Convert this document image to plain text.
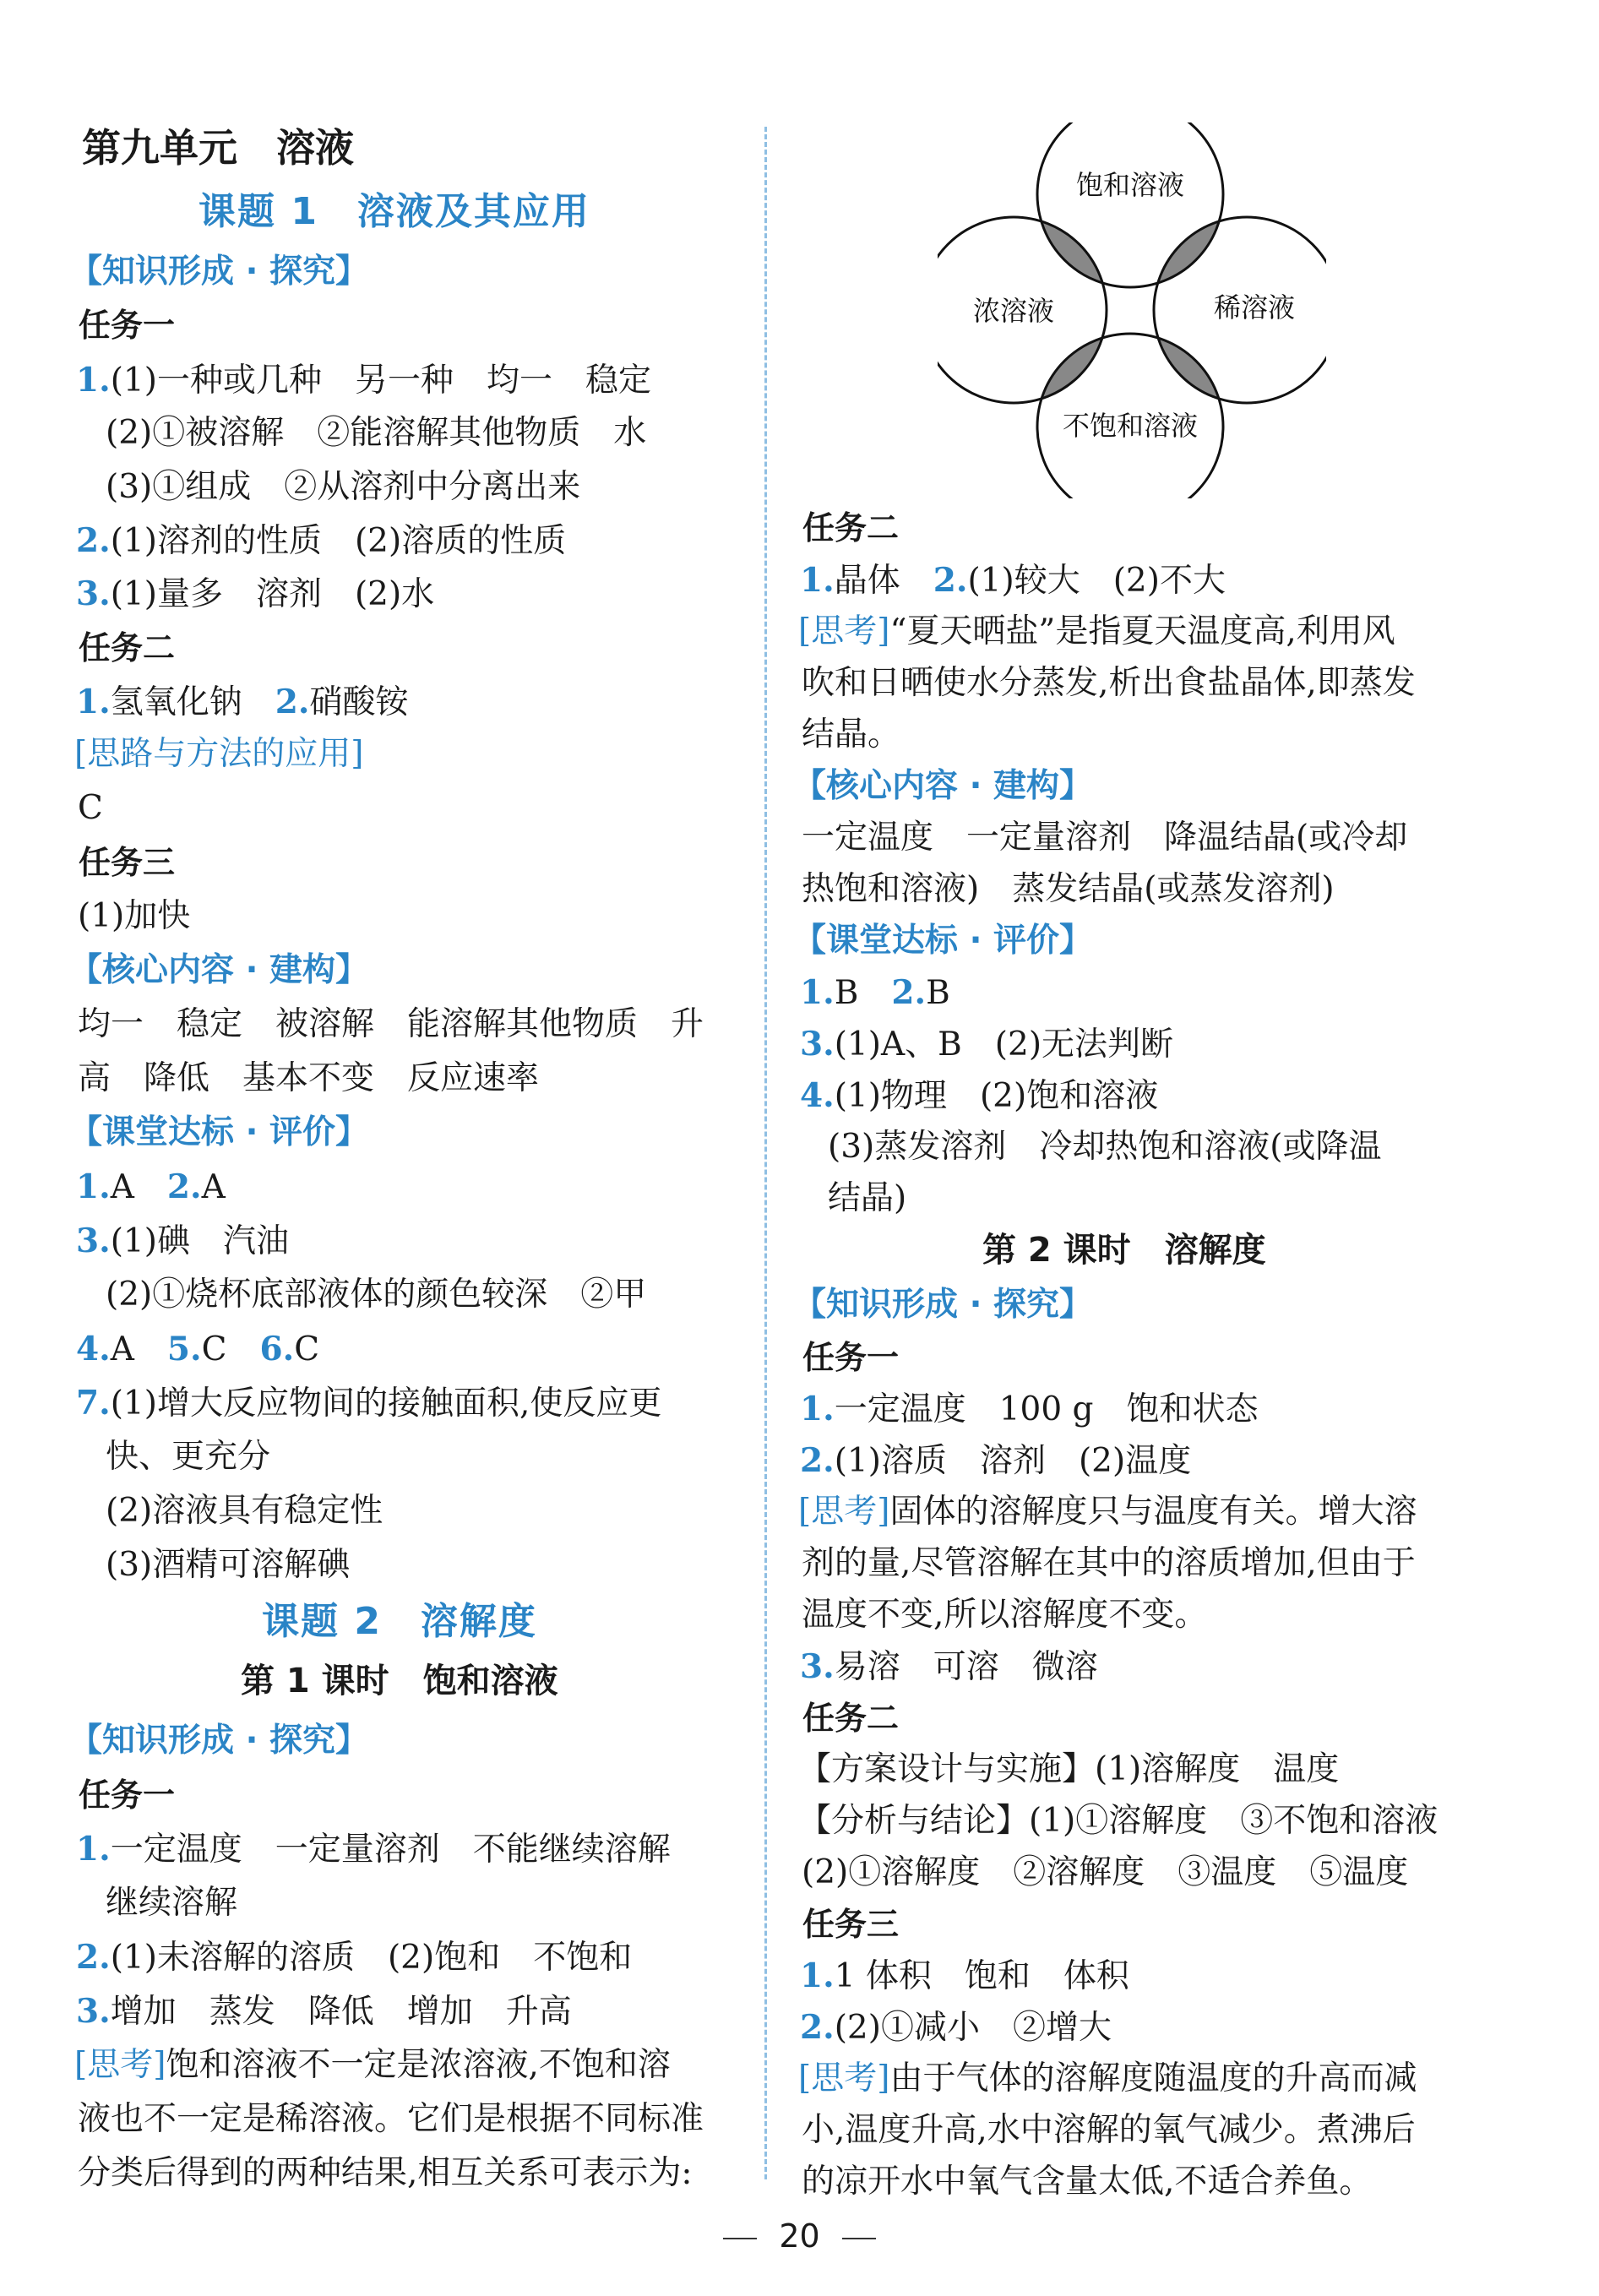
第九单元　溶液
课题 1　溶液及其应用
【知识形成 · 探究】
任务一
1.(1)一种或几种　另一种　均一　稳定
(2)①被溶解　②能溶解其他物质　水
(3)①组成　②从溶剂中分离出来
2.(1)溶剂的性质　(2)溶质的性质
3.(1)量多　溶剂　(2)水
任务二
1.氢氧化钠　 2.硝酸铵
[思路与方法的应用]
C
任务三
(1)加快
【核心内容 · 建构】
均一　稳定　被溶解　能溶解其他物质　升
高　降低　基本不变　反应速率
【课堂达标 · 评价】
1.A　 2.A
3.(1)碘　汽油
(2)①烧杯底部液体的颜色较深　②甲
4.A　 5.C　 6.C
7.(1)增大反应物间的接触面积,使反应更
快、更充分
(2)溶液具有稳定性
(3)酒精可溶解碘
课题 2　溶解度
第 1 课时　饱和溶液
【知识形成 · 探究】
任务一
1.一定温度　一定量溶剂　不能继续溶解
继续溶解
2.(1)未溶解的溶质　(2)饱和　不饱和
3.增加　蒸发　降低　增加　升高
[思考]饱和溶液不一定是浓溶液,不饱和溶
液也不一定是稀溶液。它们是根据不同标准
分类后得到的两种结果,相互关系可表示为:
饱和溶液
浓溶液	稀溶液
不饱和溶液
任务二
1.晶体　 2.(1)较大　(2)不大
[思考]“夏天晒盐”是指夏天温度高,利用风
吹和日晒使水分蒸发,析出食盐晶体,即蒸发
结晶。
【核心内容 · 建构】
一定温度　一定量溶剂　降温结晶(或冷却
热饱和溶液)　蒸发结晶(或蒸发溶剂)
【课堂达标 · 评价】
1.B　 2.B
3.(1)A、B　(2)无法判断
4.(1)物理　(2)饱和溶液
(3)蒸发溶剂　冷却热饱和溶液(或降温
结晶)
第 2 课时　溶解度
【知识形成 · 探究】
任务一
1.一定温度　100 g　饱和状态
2.(1)溶质　溶剂　(2)温度
[思考]固体的溶解度只与温度有关。增大溶
剂的量,尽管溶解在其中的溶质增加,但由于
温度不变,所以溶解度不变。
3.易溶　可溶　微溶
任务二
【方案设计与实施】(1)溶解度　温度
【分析与结论】(1)①溶解度　③不饱和溶液
(2)①溶解度　②溶解度　③温度　⑤温度
任务三
1.1 体积　饱和　体积
2.(2)①减小　②增大
[思考]由于气体的溶解度随温度的升高而减
小,温度升高,水中溶解的氧气减少。煮沸后
的凉开水中氧气含量太低,不适合养鱼。
20
